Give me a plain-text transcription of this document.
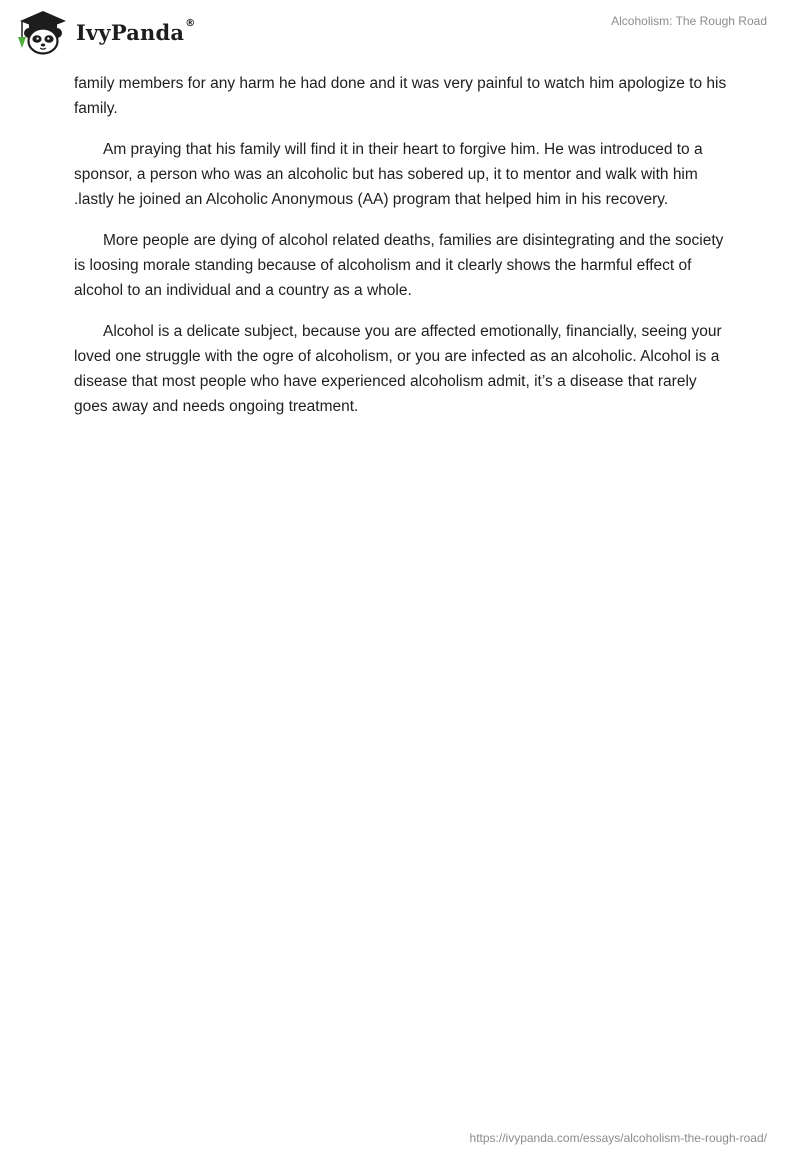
IvyPanda ®	Alcoholism: The Rough Road

family members for any harm he had done and it was very painful to watch him apologize to his family.

Am praying that his family will find it in their heart to forgive him. He was introduced to a sponsor, a person who was an alcoholic but has sobered up, it to mentor and walk with him .lastly he joined an Alcoholic Anonymous (AA) program that helped him in his recovery.

More people are dying of alcohol related deaths, families are disintegrating and the society is loosing morale standing because of alcoholism and it clearly shows the harmful effect of alcohol to an individual and a country as a whole.

Alcohol is a delicate subject, because you are affected emotionally, financially, seeing your loved one struggle with the ogre of alcoholism, or you are infected as an alcoholic. Alcohol is a disease that most people who have experienced alcoholism admit, it’s a disease that rarely goes away and needs ongoing treatment.

https://ivypanda.com/essays/alcoholism-the-rough-road/
